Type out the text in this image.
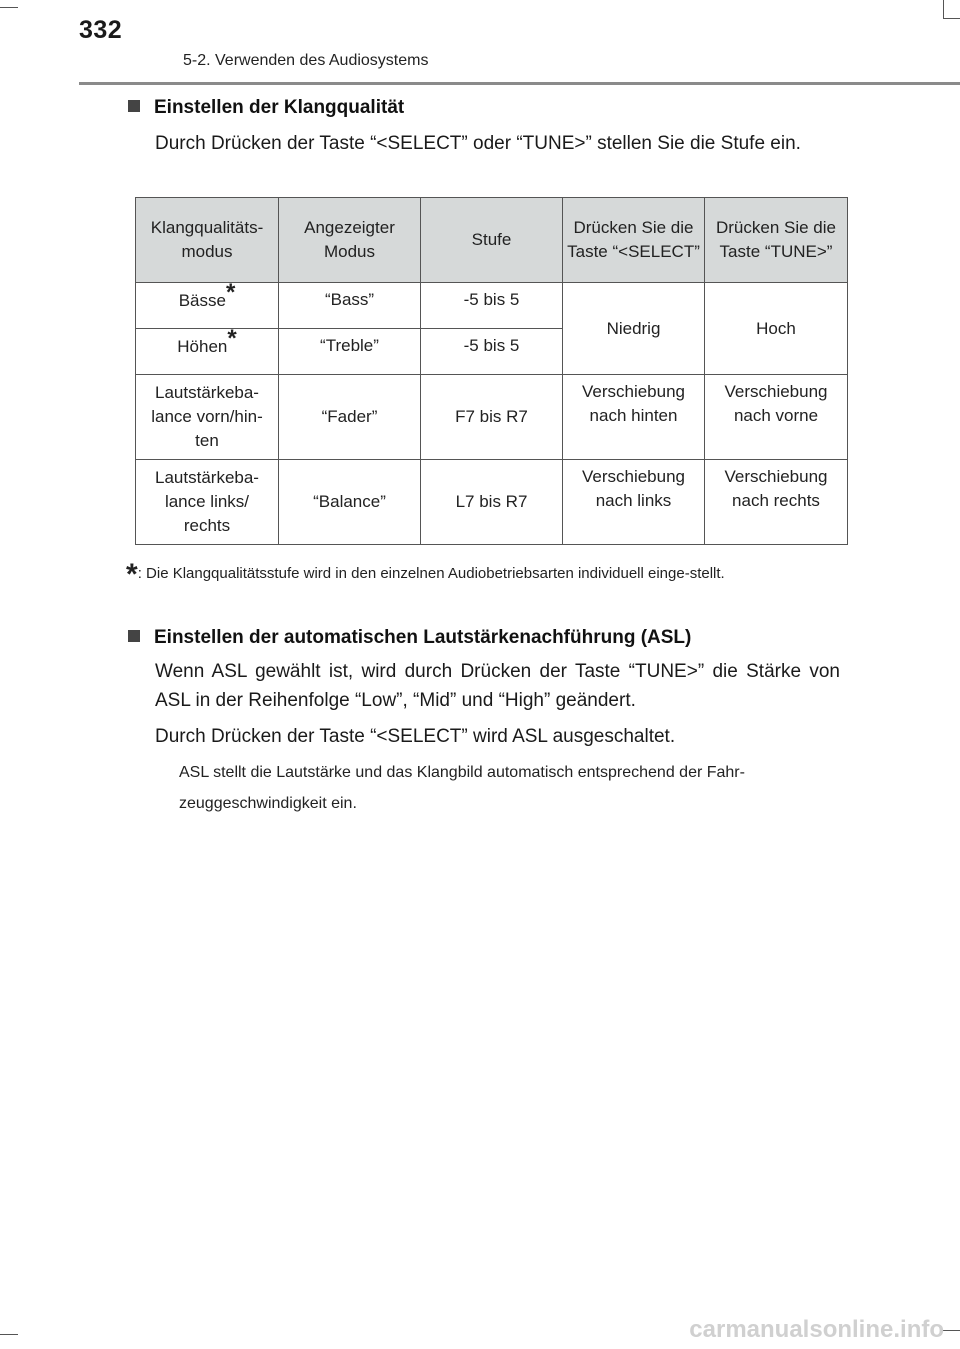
332
5-2. Verwenden des Audiosystems
Einstellen der Klangqualität
Durch Drücken der Taste “<SELECT” oder “TUNE>” stellen Sie die Stufe ein.
Klangqualitäts-modus	Angezeigter Modus	Stufe	Drücken Sie die Taste “<SELECT”	Drücken Sie die Taste “TUNE>”
Bässe*	“Bass”	-5 bis 5	Niedrig	Hoch
Höhen*	“Treble”	-5 bis 5		
Lautstärkeba-lance vorn/hin-ten	“Fader”	F7 bis R7	Verschiebung nach hinten	Verschiebung nach vorne
Lautstärkeba-lance links/ rechts	“Balance”	L7 bis R7	Verschiebung nach links	Verschiebung nach rechts
*: Die Klangqualitätsstufe wird in den einzelnen Audiobetriebsarten individuell einge-stellt.
Einstellen der automatischen Lautstärkenachführung (ASL)
Wenn ASL gewählt ist, wird durch Drücken der Taste “TUNE>” die Stärke von ASL in der Reihenfolge “Low”, “Mid” und “High” geändert.
Durch Drücken der Taste “<SELECT” wird ASL ausgeschaltet.
ASL stellt die Lautstärke und das Klangbild automatisch entsprechend der Fahr-zeuggeschwindigkeit ein.
carmanualsonline.info
